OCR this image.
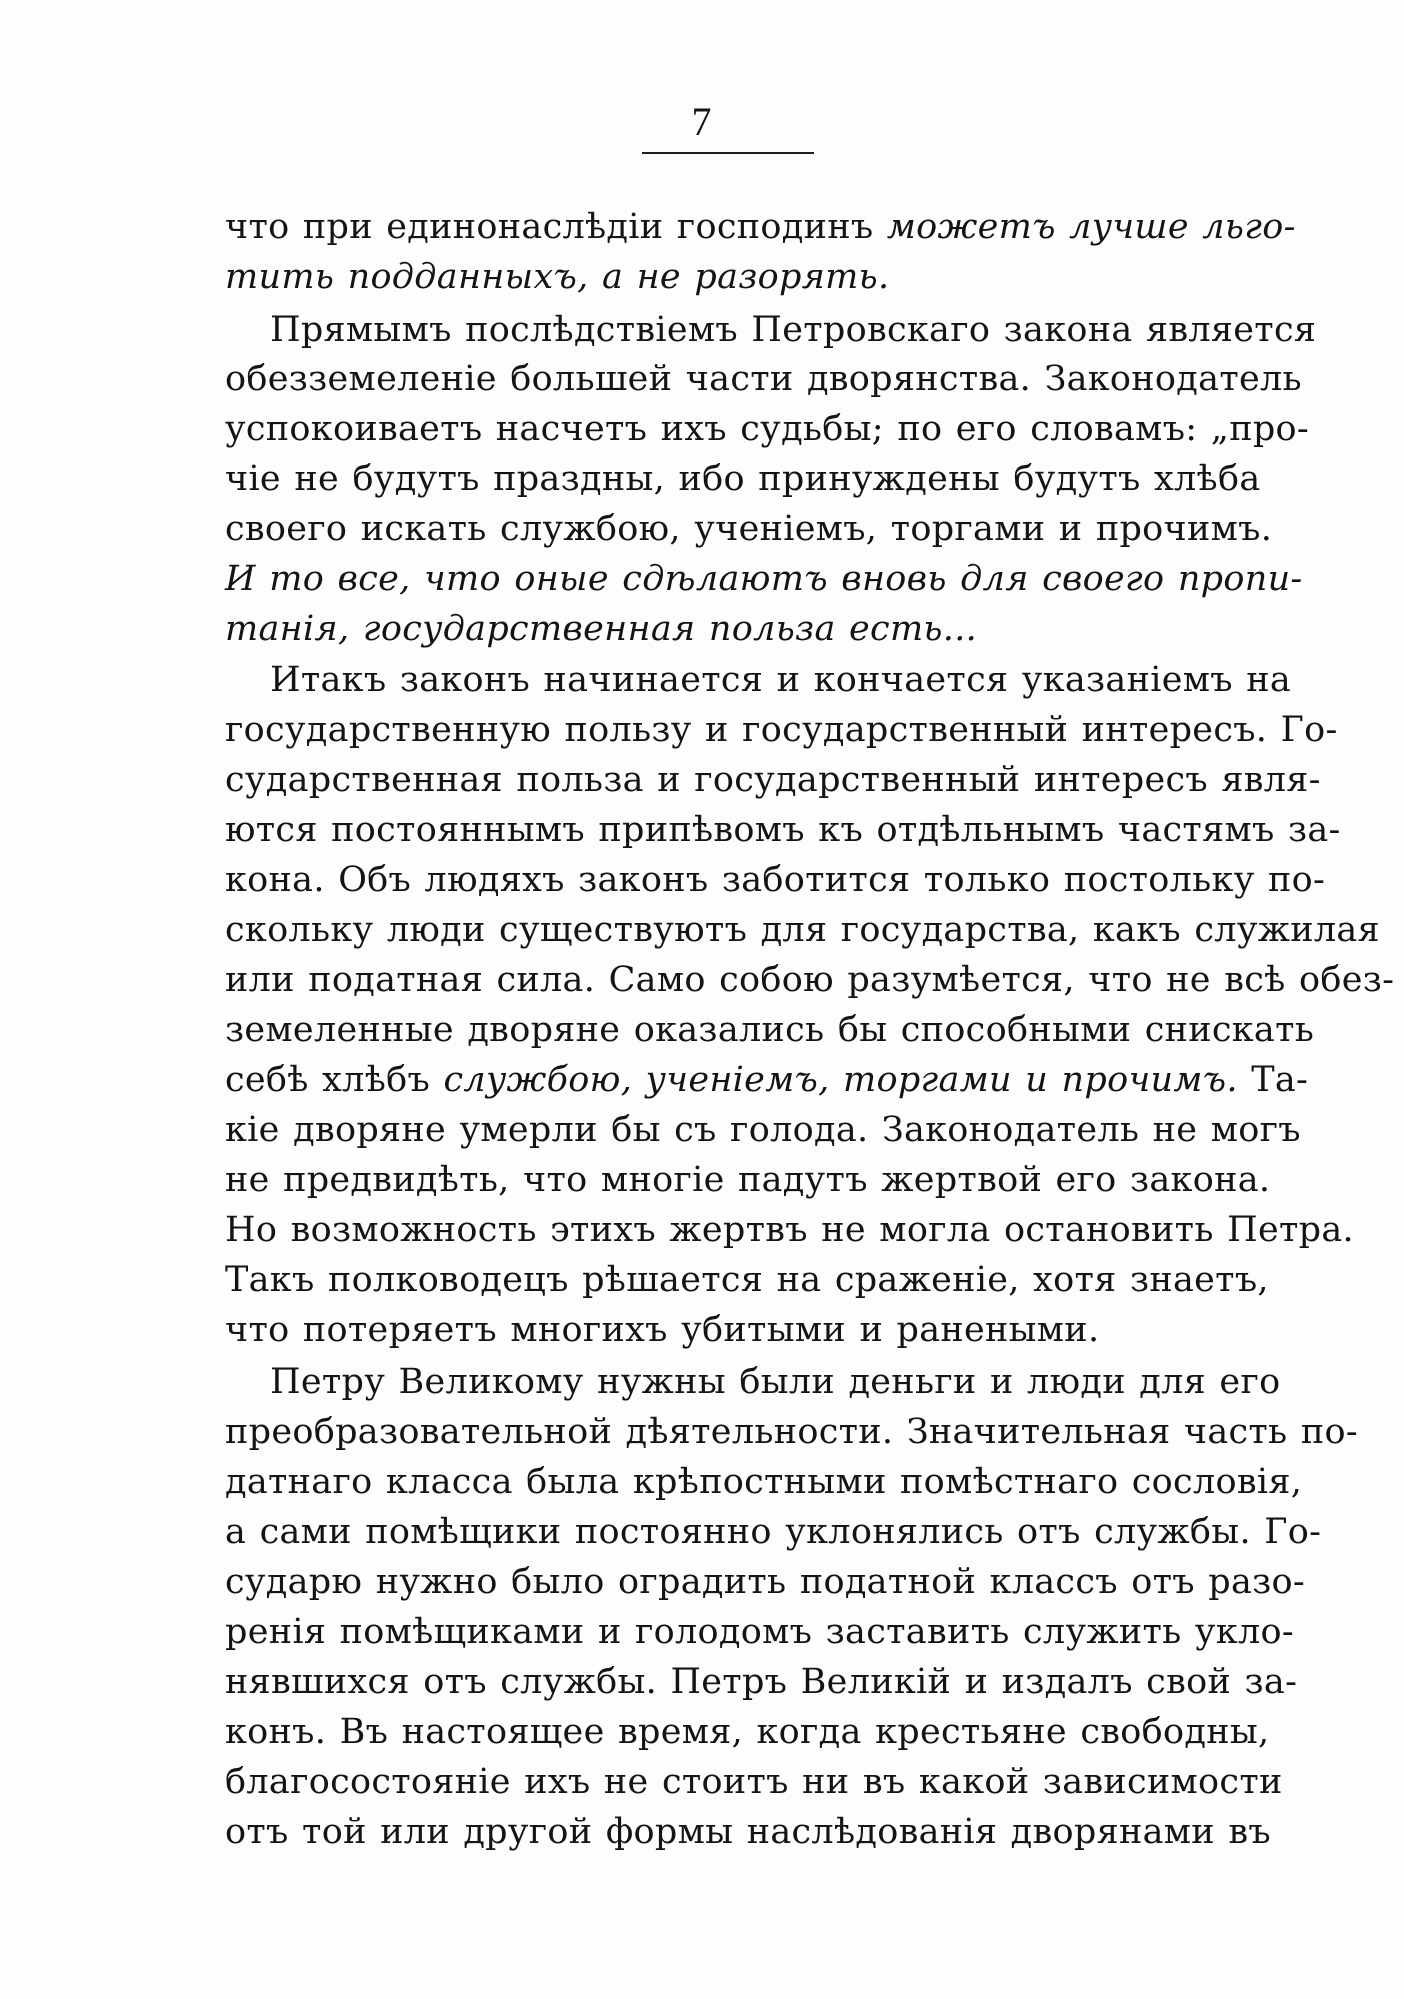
7
что при единонаслѣдіи господинъ можетъ лучше льго-
тить подданныхъ, а не разорять.
Прямымъ послѣдствіемъ Петровскаго закона является
обезземеленіе большей части дворянства. Законодатель
успокоиваетъ насчетъ ихъ судьбы; по его словамъ: „про-
чіе не будутъ праздны, ибо принуждены будутъ хлѣба
своего искать службою, ученіемъ, торгами и прочимъ.
И то все, что оные сдѣлаютъ вновь для своего пропи-
танія, государственная польза есть...
Итакъ законъ начинается и кончается указаніемъ на
государственную пользу и государственный интересъ. Го-
сударственная польза и государственный интересъ явля-
ются постояннымъ припѣвомъ къ отдѣльнымъ частямъ за-
кона. Объ людяхъ законъ заботится только постольку по-
скольку люди существуютъ для государства, какъ служилая
или податная сила. Само собою разумѣется, что не всѣ обез-
земеленные дворяне оказались бы способными снискать
себѣ хлѣбъ службою, ученіемъ, торгами и прочимъ. Та-
кіе дворяне умерли бы съ голода. Законодатель не могъ
не предвидѣть, что многіе падутъ жертвой его закона.
Но возможность этихъ жертвъ не могла остановить Петра.
Такъ полководецъ рѣшается на сраженіе, хотя знаетъ,
что потеряетъ многихъ убитыми и ранеными.
Петру Великому нужны были деньги и люди для его
преобразовательной дѣятельности. Значительная часть по-
датнаго класса была крѣпостными помѣстнаго сословія,
а сами помѣщики постоянно уклонялись отъ службы. Го-
сударю нужно было оградить податной классъ отъ разо-
ренія помѣщиками и голодомъ заставить служить укло-
нявшихся отъ службы. Петръ Великій и издалъ свой за-
конъ. Въ настоящее время, когда крестьяне свободны,
благосостояніе ихъ не стоитъ ни въ какой зависимости
отъ той или другой формы наслѣдованія дворянами въ
